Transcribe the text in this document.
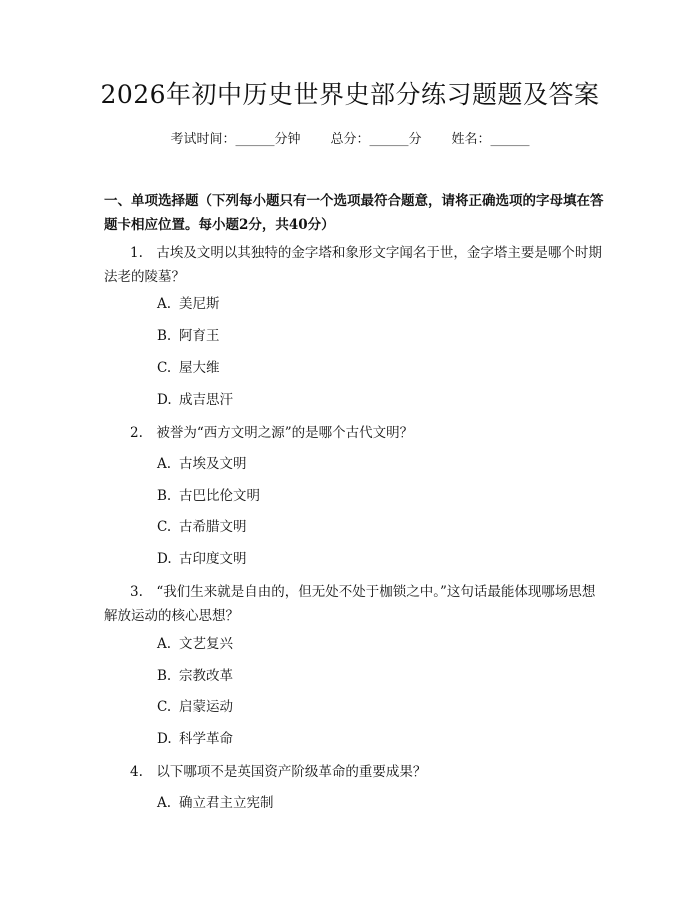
2026年初中历史世界史部分练习题题及答案
考试时间：______分钟 总分：______分 姓名：______
一、单项选择题（下列每小题只有一个选项最符合题意，请将正确选项的字母填在答题卡相应位置。每小题2分，共40分）
1.　古埃及文明以其独特的金字塔和象形文字闻名于世，金字塔主要是哪个时期法老的陵墓？
A. 美尼斯
B. 阿育王
C. 屋大维
D. 成吉思汗
2.　被誉为“西方文明之源”的是哪个古代文明？
A. 古埃及文明
B. 古巴比伦文明
C. 古希腊文明
D. 古印度文明
3.　“我们生来就是自由的，但无处不处于枷锁之中。”这句话最能体现哪场思想解放运动的核心思想？
A. 文艺复兴
B. 宗教改革
C. 启蒙运动
D. 科学革命
4.　以下哪项不是英国资产阶级革命的重要成果？
A. 确立君主立宪制
